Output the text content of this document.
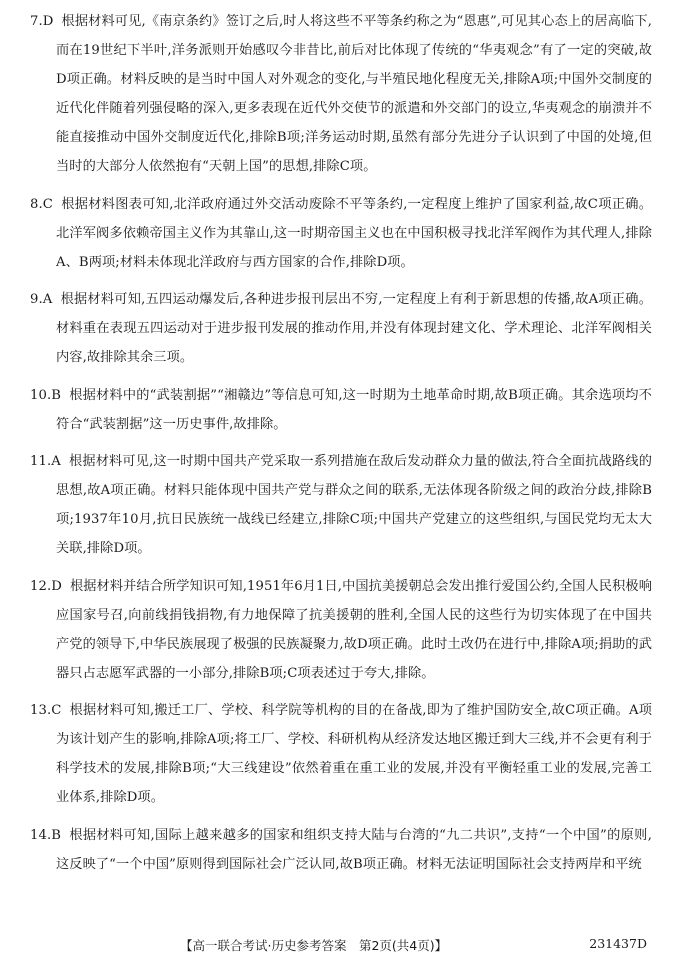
7.D 根据材料可见,《南京条约》签订之后,时人将这些不平等条约称之为“恩惠”,可见其心态上的居高临下,而在19世纪下半叶,洋务派则开始感叹今非昔比,前后对比体现了传统的“华夷观念”有了一定的突破,故D项正确。材料反映的是当时中国人对外观念的变化,与半殖民地化程度无关,排除A项;中国外交制度的近代化伴随着列强侵略的深入,更多表现在近代外交使节的派遣和外交部门的设立,华夷观念的崩溃并不能直接推动中国外交制度近代化,排除B项;洋务运动时期,虽然有部分先进分子认识到了中国的处境,但当时的大部分人依然抱有“天朝上国”的思想,排除C项。

8.C 根据材料图表可知,北洋政府通过外交活动废除不平等条约,一定程度上维护了国家利益,故C项正确。北洋军阀多依赖帝国主义作为其靠山,这一时期帝国主义也在中国积极寻找北洋军阀作为其代理人,排除A、B两项;材料未体现北洋政府与西方国家的合作,排除D项。

9.A 根据材料可知,五四运动爆发后,各种进步报刊层出不穷,一定程度上有利于新思想的传播,故A项正确。材料重在表现五四运动对于进步报刊发展的推动作用,并没有体现封建文化、学术理论、北洋军阀相关内容,故排除其余三项。

10.B 根据材料中的“武装割据”“湘赣边”等信息可知,这一时期为土地革命时期,故B项正确。其余选项均不符合“武装割据”这一历史事件,故排除。

11.A 根据材料可见,这一时期中国共产党采取一系列措施在敌后发动群众力量的做法,符合全面抗战路线的思想,故A项正确。材料只能体现中国共产党与群众之间的联系,无法体现各阶级之间的政治分歧,排除B项;1937年10月,抗日民族统一战线已经建立,排除C项;中国共产党建立的这些组织,与国民党均无太大关联,排除D项。

12.D 根据材料并结合所学知识可知,1951年6月1日,中国抗美援朝总会发出推行爱国公约,全国人民积极响应国家号召,向前线捐钱捐物,有力地保障了抗美援朝的胜利,全国人民的这些行为切实体现了在中国共产党的领导下,中华民族展现了极强的民族凝聚力,故D项正确。此时土改仍在进行中,排除A项;捐助的武器只占志愿军武器的一小部分,排除B项;C项表述过于夸大,排除。

13.C 根据材料可知,搬迁工厂、学校、科学院等机构的目的在备战,即为了维护国防安全,故C项正确。A项为该计划产生的影响,排除A项;将工厂、学校、科研机构从经济发达地区搬迁到大三线,并不会更有利于科学技术的发展,排除B项;“大三线建设”依然着重在重工业的发展,并没有平衡轻重工业的发展,完善工业体系,排除D项。

14.B 根据材料可知,国际上越来越多的国家和组织支持大陆与台湾的“九二共识”,支持“一个中国”的原则,这反映了“一个中国”原则得到国际社会广泛认同,故B项正确。材料无法证明国际社会支持两岸和平统

【高一联合考试·历史参考答案　第2页(共4页)】	231437D
